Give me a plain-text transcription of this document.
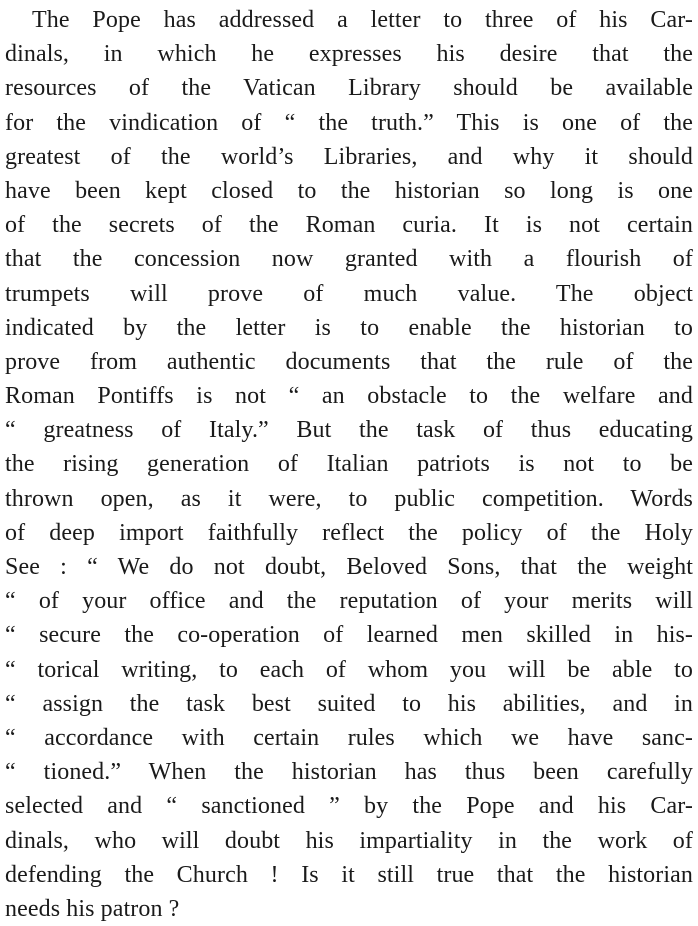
The Pope has addressed a letter to three of his Car-
dinals, in which he expresses his desire that the
resources of the Vatican Library should be available
for the vindication of “ the truth.” This is one of the
greatest of the world’s Libraries, and why it should
have been kept closed to the historian so long is one
of the secrets of the Roman curia. It is not certain
that the concession now granted with a flourish of
trumpets will prove of much value. The object
indicated by the letter is to enable the historian to
prove from authentic documents that the rule of the
Roman Pontiffs is not “ an obstacle to the welfare and
“ greatness of Italy.” But the task of thus educating
the rising generation of Italian patriots is not to be
thrown open, as it were, to public competition. Words
of deep import faithfully reflect the policy of the Holy
See : “ We do not doubt, Beloved Sons, that the weight
“ of your office and the reputation of your merits will
“ secure the co-operation of learned men skilled in his-
“ torical writing, to each of whom you will be able to
“ assign the task best suited to his abilities, and in
“ accordance with certain rules which we have sanc-
“ tioned.” When the historian has thus been carefully
selected and “ sanctioned ” by the Pope and his Car-
dinals, who will doubt his impartiality in the work of
defending the Church ! Is it still true that the historian
needs his patron ?
